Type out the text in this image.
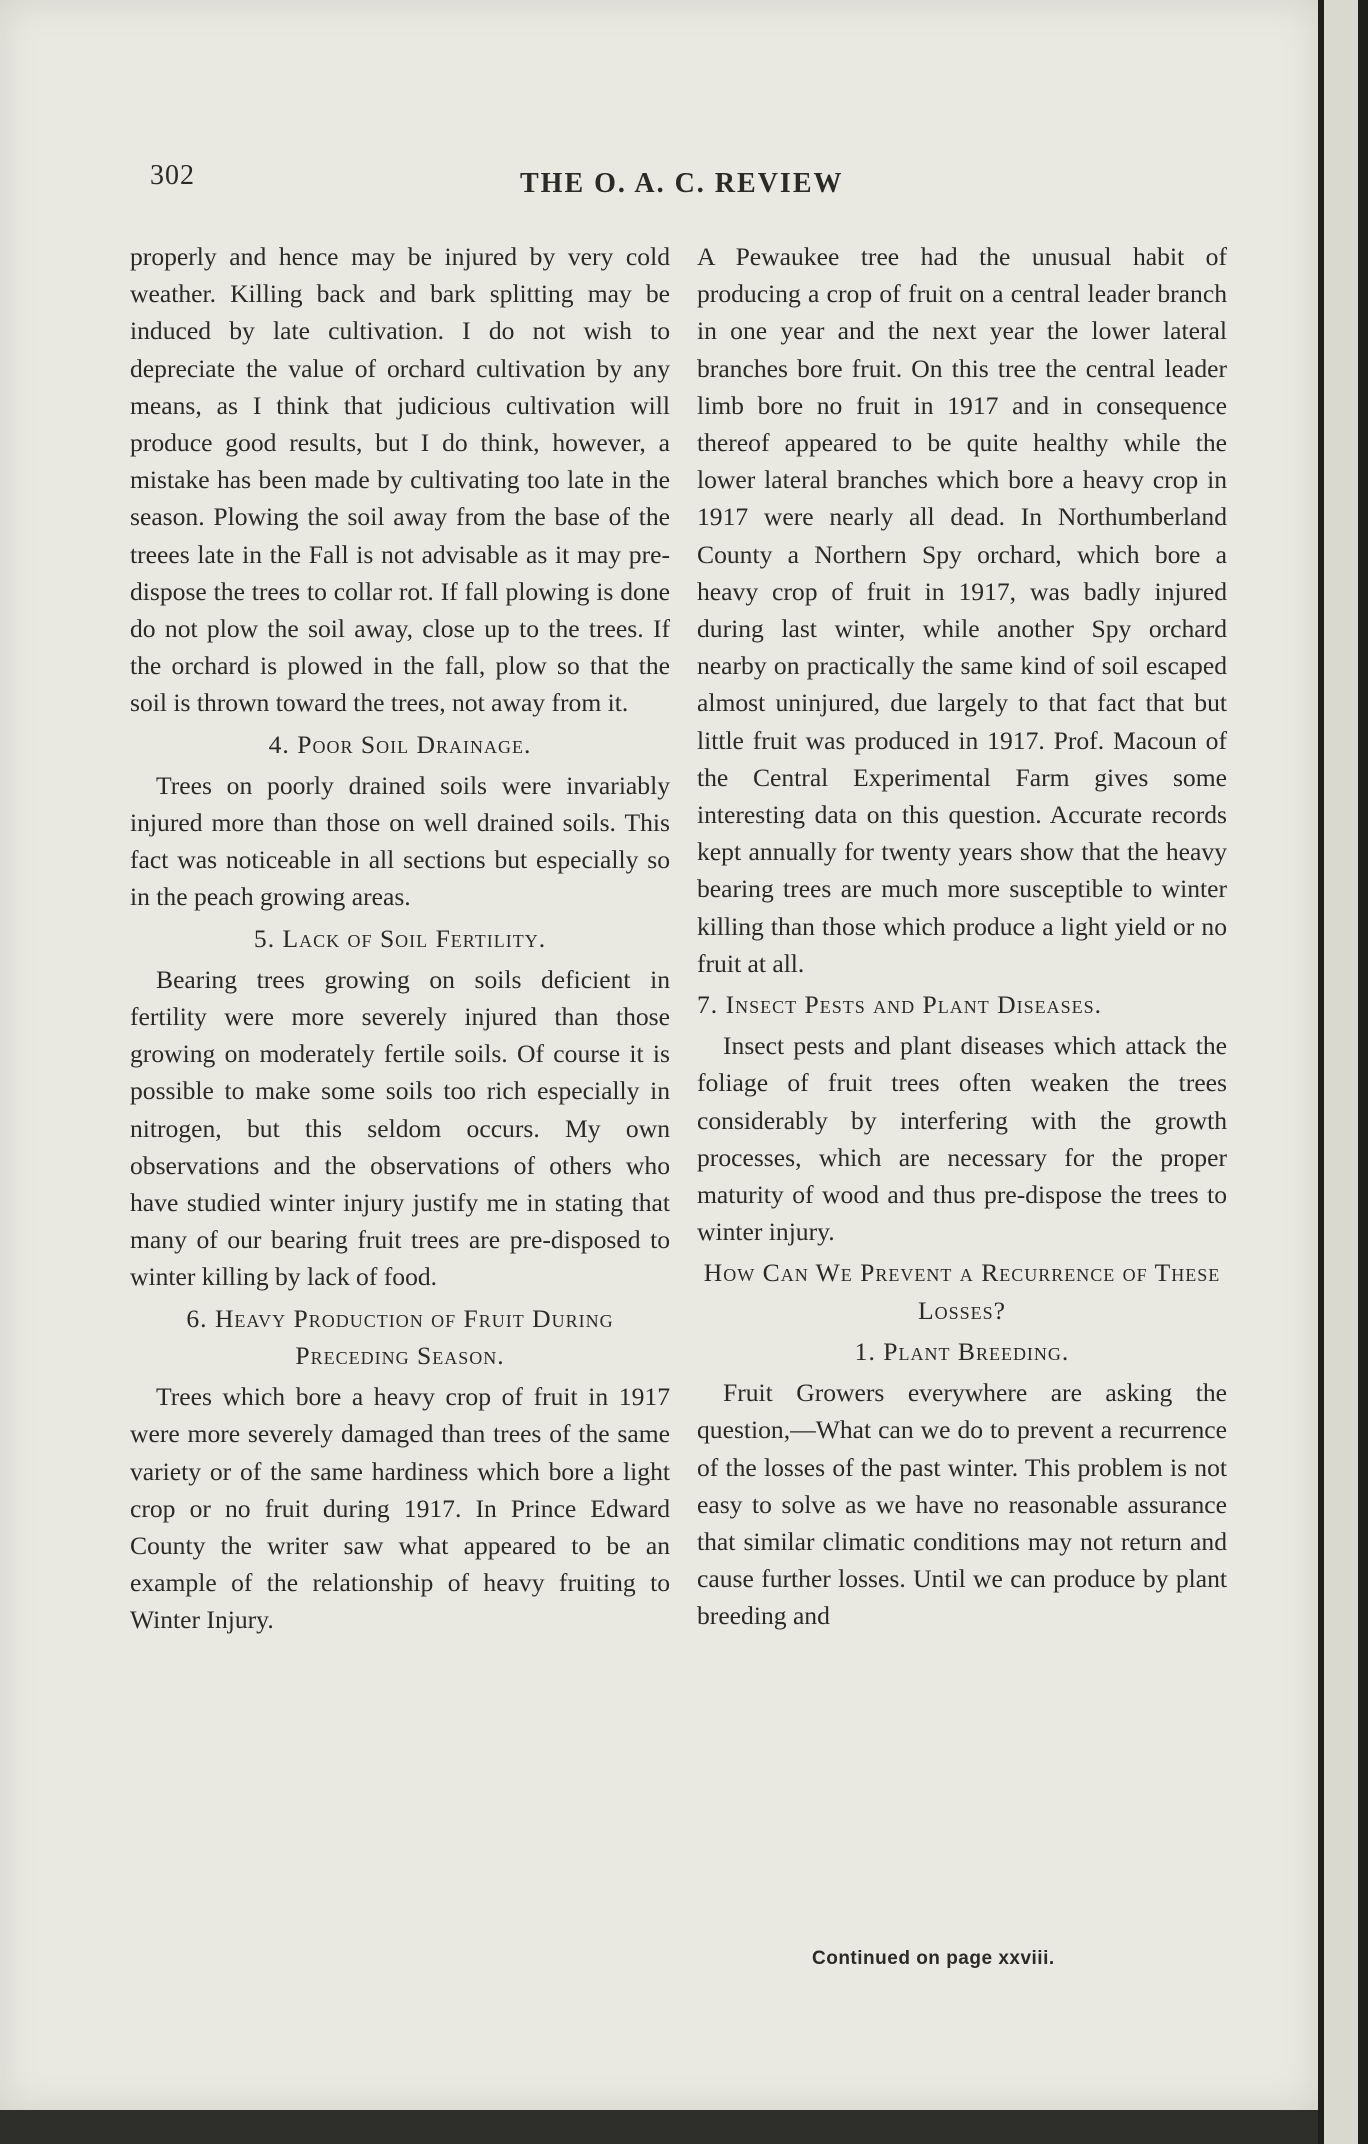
302	THE O. A. C. REVIEW

properly and hence may be injured by very cold weather. Killing back and bark splitting may be induced by late cultivation. I do not wish to depreciate the value of orchard cultivation by any means, as I think that judicious cultivation will produce good results, but I do think, however, a mistake has been made by cultivating too late in the season. Plowing the soil away from the base of the treees late in the Fall is not advisable as it may pre-dispose the trees to collar rot. If fall plowing is done do not plow the soil away, close up to the trees. If the orchard is plowed in the fall, plow so that the soil is thrown toward the trees, not away from it.

4. Poor Soil Drainage.

Trees on poorly drained soils were invariably injured more than those on well drained soils. This fact was noticeable in all sections but especially so in the peach growing areas.

5. Lack of Soil Fertility.

Bearing trees growing on soils deficient in fertility were more severely injured than those growing on moderately fertile soils. Of course it is possible to make some soils too rich especially in nitrogen, but this seldom occurs. My own observations and the observations of others who have studied winter injury justify me in stating that many of our bearing fruit trees are pre-disposed to winter killing by lack of food.

6. Heavy Production of Fruit During Preceding Season.

Trees which bore a heavy crop of fruit in 1917 were more severely damaged than trees of the same variety or of the same hardiness which bore a light crop or no fruit during 1917. In Prince Edward County the writer saw what appeared to be an example of the relationship of heavy fruiting to Winter Injury.

A Pewaukee tree had the unusual habit of producing a crop of fruit on a central leader branch in one year and the next year the lower lateral branches bore fruit. On this tree the central leader limb bore no fruit in 1917 and in consequence thereof appeared to be quite healthy while the lower lateral branches which bore a heavy crop in 1917 were nearly all dead. In Northumberland County a Northern Spy orchard, which bore a heavy crop of fruit in 1917, was badly injured during last winter, while another Spy orchard nearby on practically the same kind of soil escaped almost uninjured, due largely to that fact that but little fruit was produced in 1917. Prof. Macoun of the Central Experimental Farm gives some interesting data on this question. Accurate records kept annually for twenty years show that the heavy bearing trees are much more susceptible to winter killing than those which produce a light yield or no fruit at all.

7. Insect Pests and Plant Diseases.

Insect pests and plant diseases which attack the foliage of fruit trees often weaken the trees considerably by interfering with the growth processes, which are necessary for the proper maturity of wood and thus pre-dispose the trees to winter injury.

How Can We Prevent a Recurrence of These Losses?
1. Plant Breeding.

Fruit Growers everywhere are asking the question,—What can we do to prevent a recurrence of the losses of the past winter. This problem is not easy to solve as we have no reasonable assurance that similar climatic conditions may not return and cause further losses. Until we can produce by plant breeding and

Continued on page xxviii.
